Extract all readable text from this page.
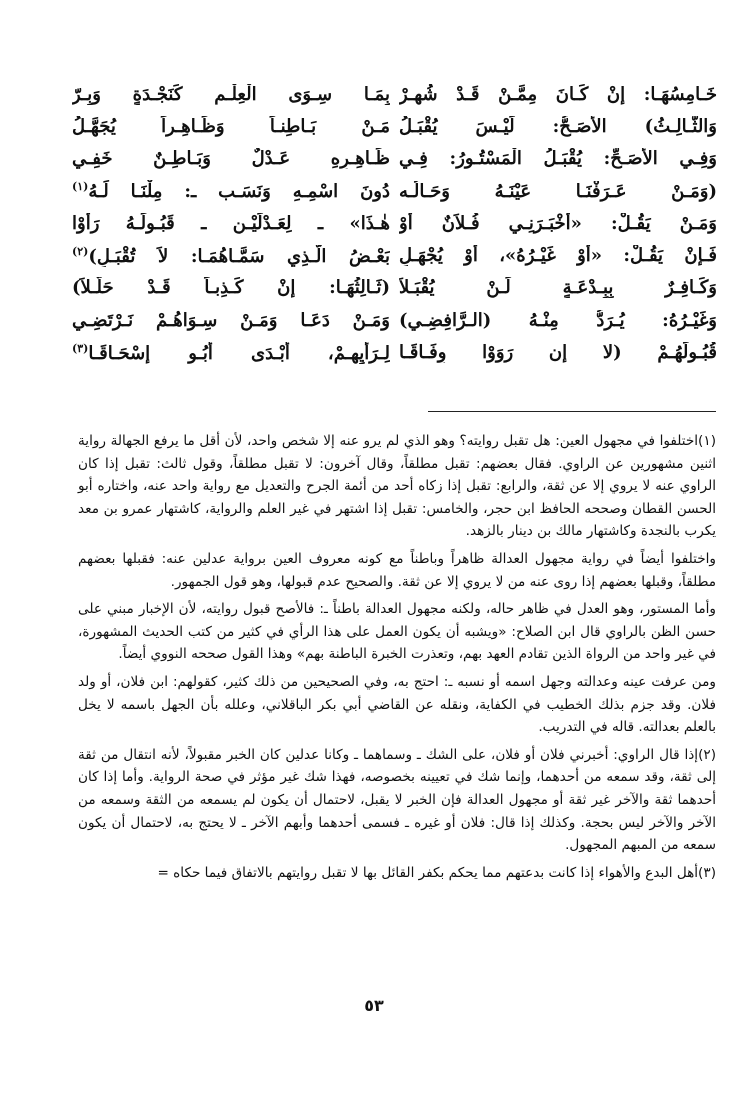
خَـامِسُهَـا: إنْ كَـانَ مِمَّـنْ قَـدْ شُهِـرْ
بِمَـا سِـوَى الْعِلْـمِ كَنَجْـدَةٍ وَبِـرّ
وَالثَّـالِـثُ) الأَصَـحُّ: لَيْـسَ يُقْبَـلُ
مَـنْ بَـاطِنـاً وَظَـاهِـراً يُجَهَّـلُ
وَفِـي الأَصَـحِّ: يُقْبَـلُ الْمَسْتُـورُ: فِـي
ظَـاهِـرِهِ عَـدْلٌ وَبَـاطِـنٌ خَفِـي
(وَمَـنْ عَـرَفْنَـا عَيْنَـهُ وَحَـالُـه
دُونَ اسْمِـهِ وَنَسَـب ـ: مِلْنَـا لَـهُ$^{(١)}$
وَمَـنْ يَقُـلْ: «أَخْبَـرَنِـي فُـلاَنٌ أَوْ
هٰـذَا» ـ لِعَـدْلَيْـن ـ قَبُـولَـهُ رَأَوْا
فَـإنْ يَقُـلْ: «أَوْ غَيْـرُهُ»، أَوْ يُجْهَـلِ
بَعْـضُ الَّـذِي سَمَّـاهُمَـا: لاَ تُقْبَـلِ)$^{(٢)}$
وَكَـافِـرٌ بِبِـدْعَـةٍ لَـنْ يُقْبَـلاَ
(ثَـالِثُهَـا: إنْ كَـذِبـاً قَـدْ حَلَّـلاَ)
وَغَيْـرُهُ: يُـرَدُّ مِنْـهُ (الـرَّافِضِـي)
وَمَـنْ دَعَـا وَمَـنْ سِـوَاهُـمْ نَـرْتَضِـي
قُبُـولَهُـمْ (لا إن رَوَوْا وِفَـاقَـا
لِـرَأْيِهِـمْ، أَبْـدَى أَبُـو إسْحَـاقَـا$^{(٣)}$

(١)اختلفوا في مجهول العين: هل تقبل روايته؟ وهو الذي لم يرو عنه إلا شخص واحد، لأن أقل ما يرفع الجهالة رواية اثنين مشهورين عن الراوي. فقال بعضهم: تقبل مطلقاً، وقال آخرون: لا تقبل مطلقاً، وقول ثالث: تقبل إذا كان الراوي عنه لا يروي إلا عن ثقة، والرابع: تقبل إذا زكاه أحد من أئمة الجرح والتعديل مع رواية واحد عنه، واختاره أبو الحسن القطان وصححه الحافظ ابن حجر، والخامس: تقبل إذا اشتهر في غير العلم والرواية، كاشتهار عمرو بن معد يكرب بالنجدة وكاشتهار مالك بن دينار بالزهد.

واختلفوا أيضاً في رواية مجهول العدالة ظاهراً وباطناً مع كونه معروف العين برواية عدلين عنه: فقبلها بعضهم مطلقاً، وقبلها بعضهم إذا روى عنه من لا يروي إلا عن ثقة. والصحيح عدم قبولها، وهو قول الجمهور.

وأما المستور، وهو العدل في ظاهر حاله، ولكنه مجهول العدالة باطناً ـ: فالأصح قبول روايته، لأن الإخبار مبني على حسن الظن بالراوي قال ابن الصلاح: «ويشبه أن يكون العمل على هذا الرأي في كثير من كتب الحديث المشهورة، في غير واحد من الرواة الذين تقادم العهد بهم، وتعذرت الخبرة الباطنة بهم» وهذا القول صححه النووي أيضاً.

ومن عرفت عينه وعدالته وجهل اسمه أو نسبه ـ: احتج به، وفي الصحيحين من ذلك كثير، كقولهم: ابن فلان، أو ولد فلان. وقد جزم بذلك الخطيب في الكفاية، ونقله عن القاضي أبي بكر الباقلاني، وعلله بأن الجهل باسمه لا يخل بالعلم بعدالته. قاله في التدريب.

(٢)إذا قال الراوي: أخبرني فلان أو فلان، على الشك ـ وسماهما ـ وكانا عدلين كان الخبر مقبولاً، لأنه انتقال من ثقة إلى ثقة، وقد سمعه من أحدهما، وإنما شك في تعيينه بخصوصه، فهذا شك غير مؤثر في صحة الرواية. وأما إذا كان أحدهما ثقة والآخر غير ثقة أو مجهول العدالة فإن الخبر لا يقبل، لاحتمال أن يكون لم يسمعه من الثقة وسمعه من الآخر والآخر ليس بحجة. وكذلك إذا قال: فلان أو غيره ـ فسمى أحدهما وأبهم الآخر ـ لا يحتج به، لاحتمال أن يكون سمعه من المبهم المجهول.

(٣)أهل البدع والأهواء إذا كانت بدعتهم مما يحكم بكفر القائل بها لا تقبل روايتهم بالاتفاق فيما حكاه =

٥٣
